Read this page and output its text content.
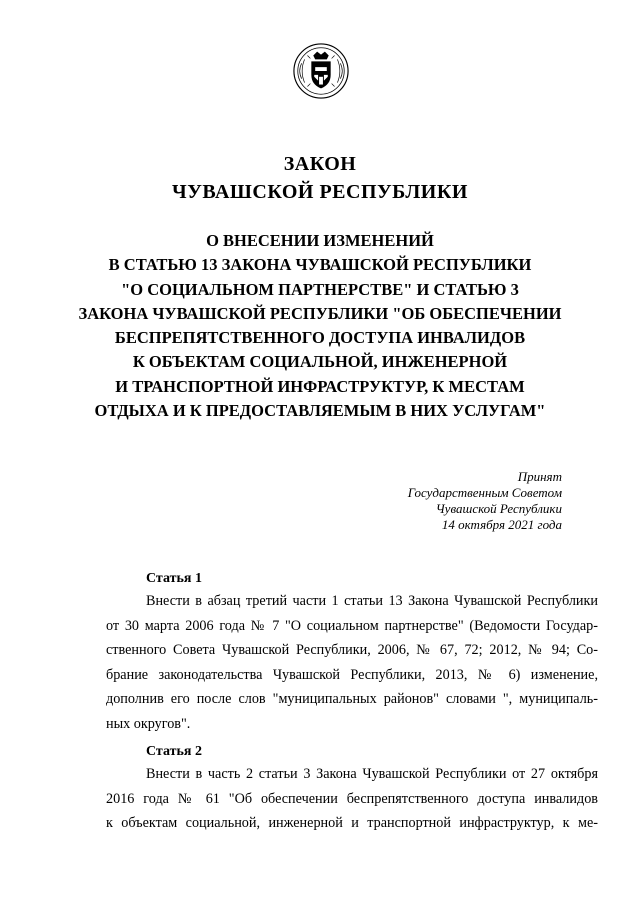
ЗАКОН
ЧУВАШСКОЙ РЕСПУБЛИКИ
О ВНЕСЕНИИ ИЗМЕНЕНИЙ
В СТАТЬЮ 13 ЗАКОНА ЧУВАШСКОЙ РЕСПУБЛИКИ
"О СОЦИАЛЬНОМ ПАРТНЕРСТВЕ" И СТАТЬЮ 3
ЗАКОНА ЧУВАШСКОЙ РЕСПУБЛИКИ "ОБ ОБЕСПЕЧЕНИИ
БЕСПРЕПЯТСТВЕННОГО ДОСТУПА ИНВАЛИДОВ
К ОБЪЕКТАМ СОЦИАЛЬНОЙ, ИНЖЕНЕРНОЙ
И ТРАНСПОРТНОЙ ИНФРАСТРУКТУР, К МЕСТАМ
ОТДЫХА И К ПРЕДОСТАВЛЯЕМЫМ В НИХ УСЛУГАМ"
Принят
Государственным Советом
Чувашской Республики
14 октября 2021 года
Статья 1
Внести в абзац третий части 1 статьи 13 Закона Чувашской Республики
от 30 марта 2006 года № 7 "О социальном партнерстве" (Ведомости Государ-
ственного Совета Чувашской Республики, 2006, № 67, 72; 2012, № 94; Со-
брание законодательства Чувашской Республики, 2013, № 6) изменение,
дополнив его после слов "муниципальных районов" словами ", муниципаль-
ных округов".
Статья 2
Внести в часть 2 статьи 3 Закона Чувашской Республики от 27 октября
2016 года № 61 "Об обеспечении беспрепятственного доступа инвалидов
к объектам социальной, инженерной и транспортной инфраструктур, к ме-
